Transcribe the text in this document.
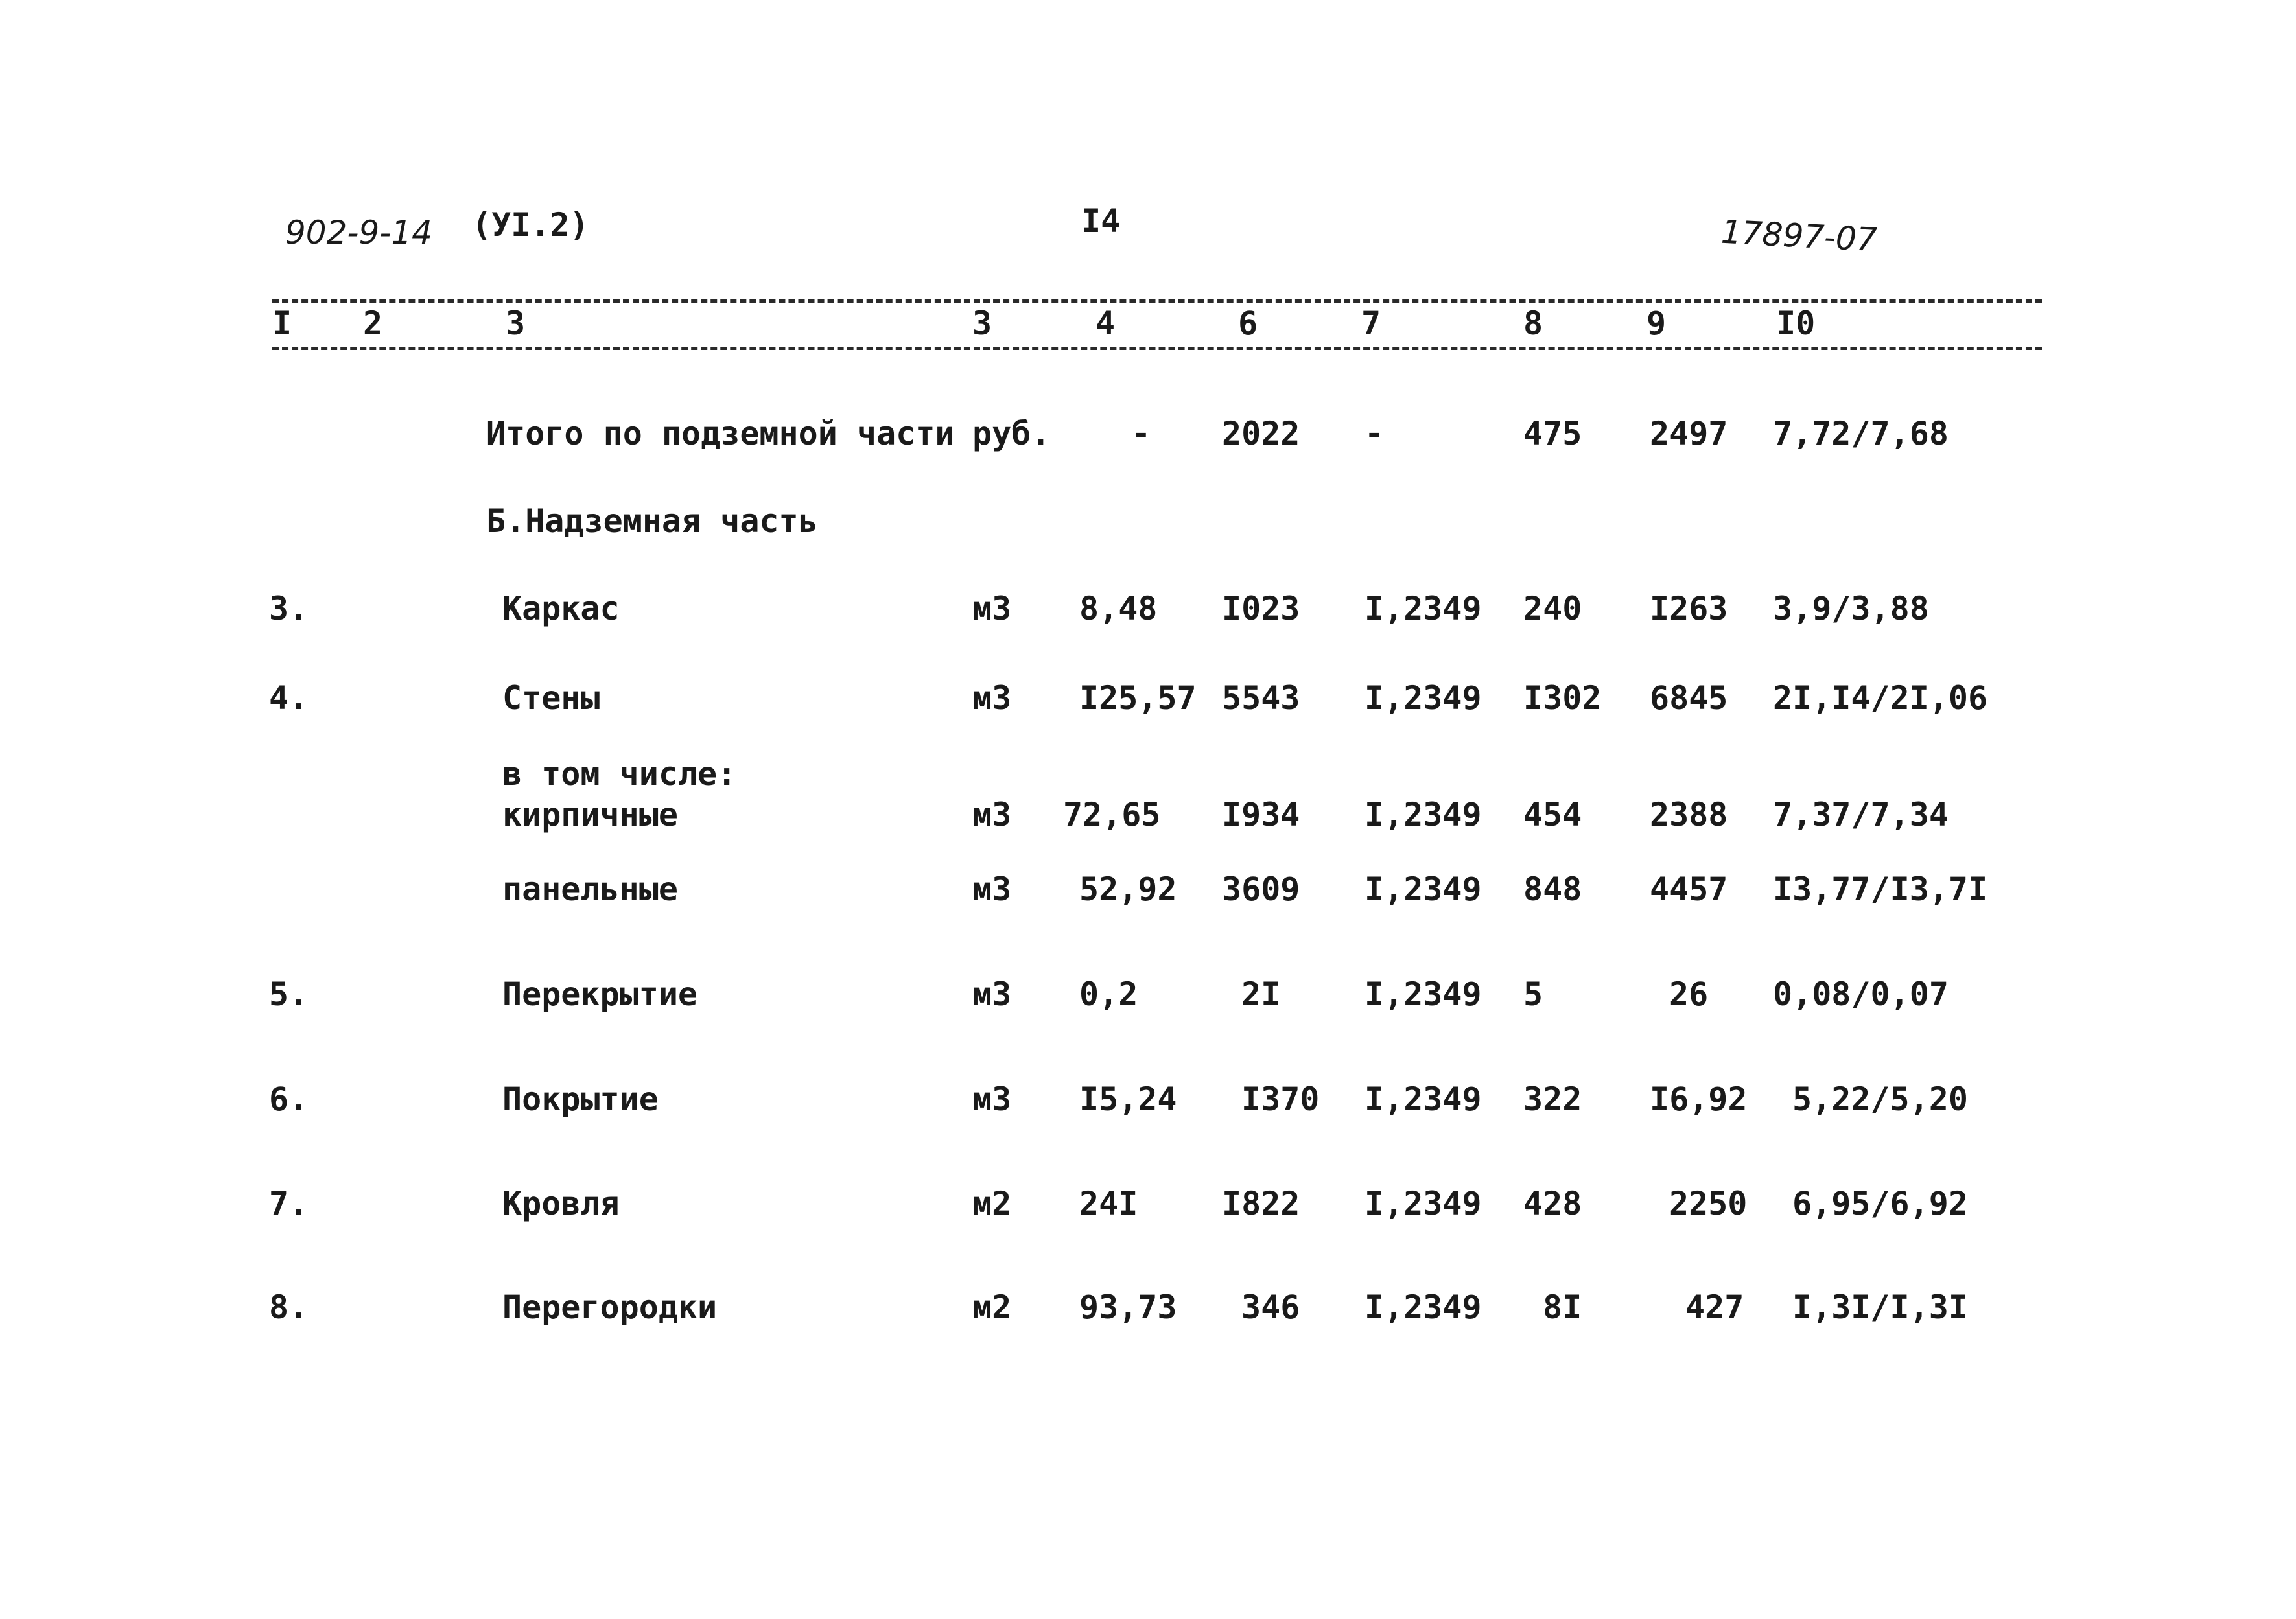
902-9-14 (УI.2)	I4	17897-07
I 2	3	3	4	6	7	8	9	I0
Итого по подземной части руб. - 2022 -	475 2497 7,72/7,68
Б.Надземная часть
3.	Каркас	м3 8,48 I023 I,2349 240 I263 3,9/3,88
4.	Стены	м3 I25,57 5543 I,2349 I302 6845 2I,I4/2I,06
в том числе:
кирпичные	м3 72,65 I934 I,2349 454 2388 7,37/7,34
панельные	м3 52,92 3609 I,2349 848 4457 I3,77/I3,7I
5.	Перекрытие	м3 0,2	2I	I,2349 5	26 0,08/0,07
6.	Покрытие	м3 I5,24 I370 I,2349 322 I6,92 5,22/5,20
7.	Кровля	м2 24I	I822 I,2349 428	2250 6,95/6,92
8.	Перегородки	м2 93,73 346 I,2349 8I	427 I,3I/I,3I
